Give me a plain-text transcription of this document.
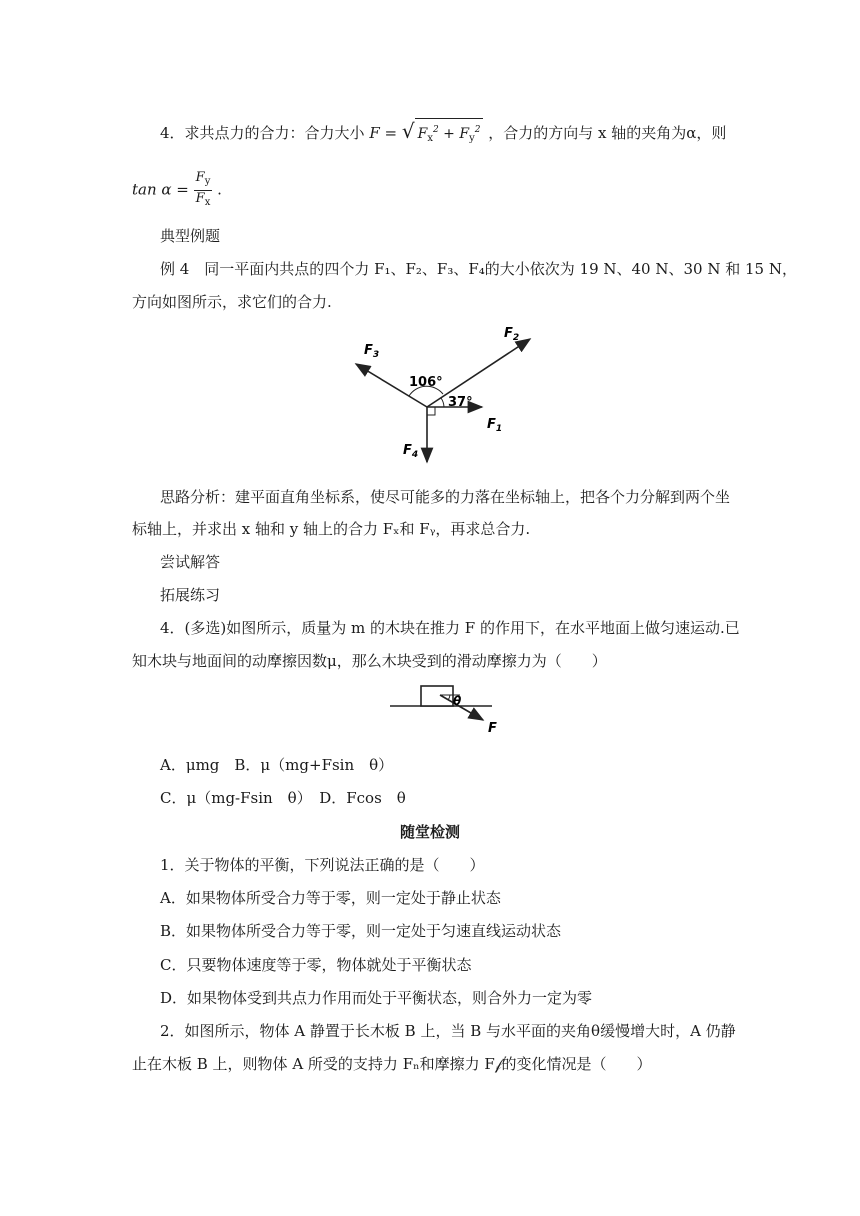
4．求共点力的合力：合力大小 F = √ $F_x^2 + F_y^2$ ，合力的方向与 x 轴的夹角为α，则
$\tan \alpha = \frac{F_y}{F_x}$ .
典型例题
例 4　同一平面内共点的四个力 F₁、F₂、F₃、F₄的大小依次为 19 N、40 N、30 N 和 15 N，
方向如图所示，求它们的合力.
106°
37°
$F_1$
$F_2$
$F_3$
$F_4$
思路分析：建平面直角坐标系，使尽可能多的力落在坐标轴上，把各个力分解到两个坐
标轴上，并求出 x 轴和 y 轴上的合力 Fₓ和 Fᵧ，再求总合力.
尝试解答
拓展练习
4．(多选)如图所示，质量为 m 的木块在推力 F 的作用下，在水平地面上做匀速运动.已
知木块与地面间的动摩擦因数μ，那么木块受到的滑动摩擦力为（　　）
θ
F
A．μmg　B．μ（mg+Fsin　θ）
C．μ（mg-Fsin　θ）　D．Fcos　θ
随堂检测
1．关于物体的平衡，下列说法正确的是（　　）
A．如果物体所受合力等于零，则一定处于静止状态
B．如果物体所受合力等于零，则一定处于匀速直线运动状态
C．只要物体速度等于零，物体就处于平衡状态
D．如果物体受到共点力作用而处于平衡状态，则合外力一定为零
2．如图所示，物体 A 静置于长木板 B 上，当 B 与水平面的夹角θ缓慢增大时，A 仍静
止在木板 B 上，则物体 A 所受的支持力 Fₙ和摩擦力 F𝒻的变化情况是（　　）
